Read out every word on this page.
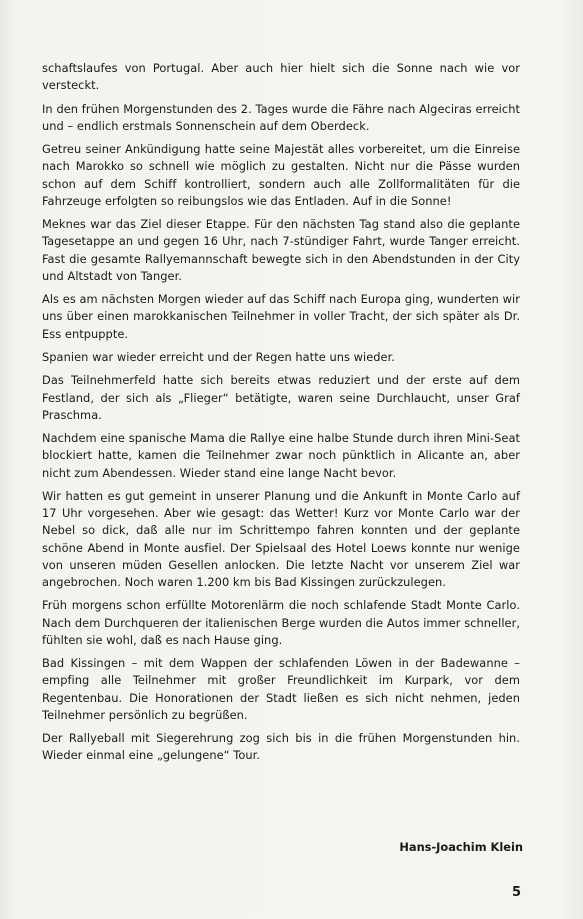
schaftslaufes von Portugal. Aber auch hier hielt sich die Sonne nach wie vor versteckt.

In den frühen Morgenstunden des 2. Tages wurde die Fähre nach Algeciras erreicht und – endlich erstmals Sonnenschein auf dem Oberdeck.

Getreu seiner Ankündigung hatte seine Majestät alles vorbereitet, um die Einreise nach Marokko so schnell wie möglich zu gestalten. Nicht nur die Pässe wurden schon auf dem Schiff kontrolliert, sondern auch alle Zollformalitäten für die Fahrzeuge erfolgten so reibungslos wie das Entladen. Auf in die Sonne!

Meknes war das Ziel dieser Etappe. Für den nächsten Tag stand also die geplante Tagesetappe an und gegen 16 Uhr, nach 7-stündiger Fahrt, wurde Tanger erreicht. Fast die gesamte Rallyemannschaft bewegte sich in den Abendstunden in der City und Altstadt von Tanger.

Als es am nächsten Morgen wieder auf das Schiff nach Europa ging, wunderten wir uns über einen marokkanischen Teilnehmer in voller Tracht, der sich später als Dr. Ess entpuppte.

Spanien war wieder erreicht und der Regen hatte uns wieder.

Das Teilnehmerfeld hatte sich bereits etwas reduziert und der erste auf dem Festland, der sich als „Flieger“ betätigte, waren seine Durchlaucht, unser Graf Praschma.

Nachdem eine spanische Mama die Rallye eine halbe Stunde durch ihren Mini-Seat blockiert hatte, kamen die Teilnehmer zwar noch pünktlich in Alicante an, aber nicht zum Abendessen. Wieder stand eine lange Nacht bevor.

Wir hatten es gut gemeint in unserer Planung und die Ankunft in Monte Carlo auf 17 Uhr vorgesehen. Aber wie gesagt: das Wetter! Kurz vor Monte Carlo war der Nebel so dick, daß alle nur im Schrittempo fahren konnten und der geplante schöne Abend in Monte ausfiel. Der Spielsaal des Hotel Loews konnte nur wenige von unseren müden Gesellen anlocken. Die letzte Nacht vor unserem Ziel war angebrochen. Noch waren 1.200 km bis Bad Kissingen zurückzulegen.

Früh morgens schon erfüllte Motorenlärm die noch schlafende Stadt Monte Carlo. Nach dem Durchqueren der italienischen Berge wurden die Autos immer schneller, fühlten sie wohl, daß es nach Hause ging.

Bad Kissingen – mit dem Wappen der schlafenden Löwen in der Badewanne – empfing alle Teilnehmer mit großer Freundlichkeit im Kurpark, vor dem Regentenbau. Die Honorationen der Stadt ließen es sich nicht nehmen, jeden Teilnehmer persönlich zu begrüßen.

Der Rallyeball mit Siegerehrung zog sich bis in die frühen Morgenstunden hin. Wieder einmal eine „gelungene“ Tour.

Hans-Joachim Klein
5
